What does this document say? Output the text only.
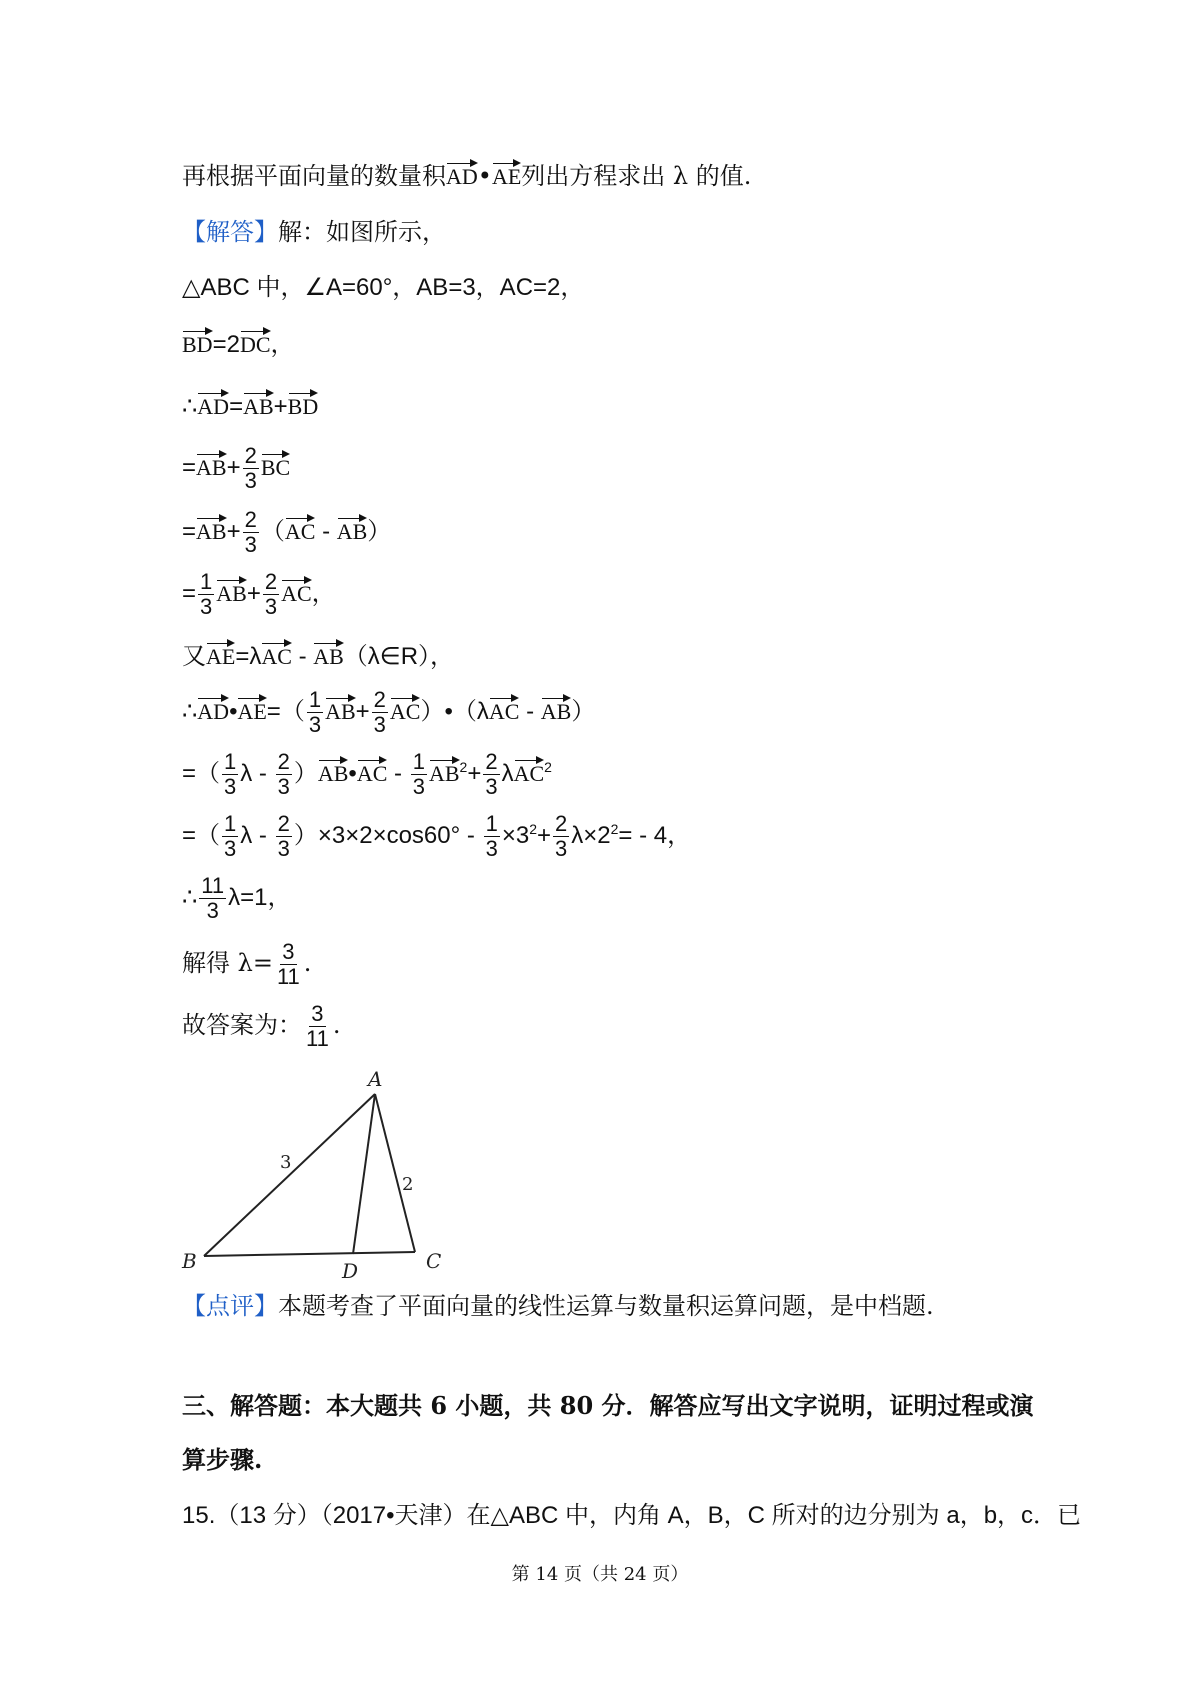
再根据平面向量的数量积AD•AE列出方程求出 λ 的值.
【解答】解：如图所示，
△ABC 中，∠A=60°，AB=3，AC=2，
BD=2DC，
∴AD=AB+BD
$=AB+ \frac{2}{3}$ BC
$=AB+ \frac{2}{3} (AC - AB)$
= $\frac{1}{3} AB+ \frac{2}{3}$ AC，
又AE=λAC - AB（λ∈R），
∴AD•AE=（ $\frac{1}{3} AB+ \frac{2}{3}$ AC）•（λAC - AB）
=（ $\frac{1}{3}$ λ - $\frac{2}{3}$ ）AB•AC - $\frac{1}{3} AB^2+ \frac{2}{3} \lambda AC^2$
=（ $\frac{1}{3}$ $\lambda - \frac{2}{3} )\times 3\times 2\times\cos 60^\circ - \frac{1}{3} \times 3^2+ \frac{2}{3} \lambda\times 2^2= - 4$，
∴ $\frac{11}{3} \lambda=1$，
解得 $\lambda= \frac{3}{11}$ .
故答案为： $\frac{3}{11}$ .
A
B	C
D
3
2
【点评】本题考查了平面向量的线性运算与数量积运算问题，是中档题.
三、解答题：本大题共 6 小题，共 80 分．解答应写出文字说明，证明过程或演
算步骤.
15.（13 分）（2017•天津）在△ABC 中，内角 A，B，C 所对的边分别为 a，b，c．已
第 14 页（共 24 页）
